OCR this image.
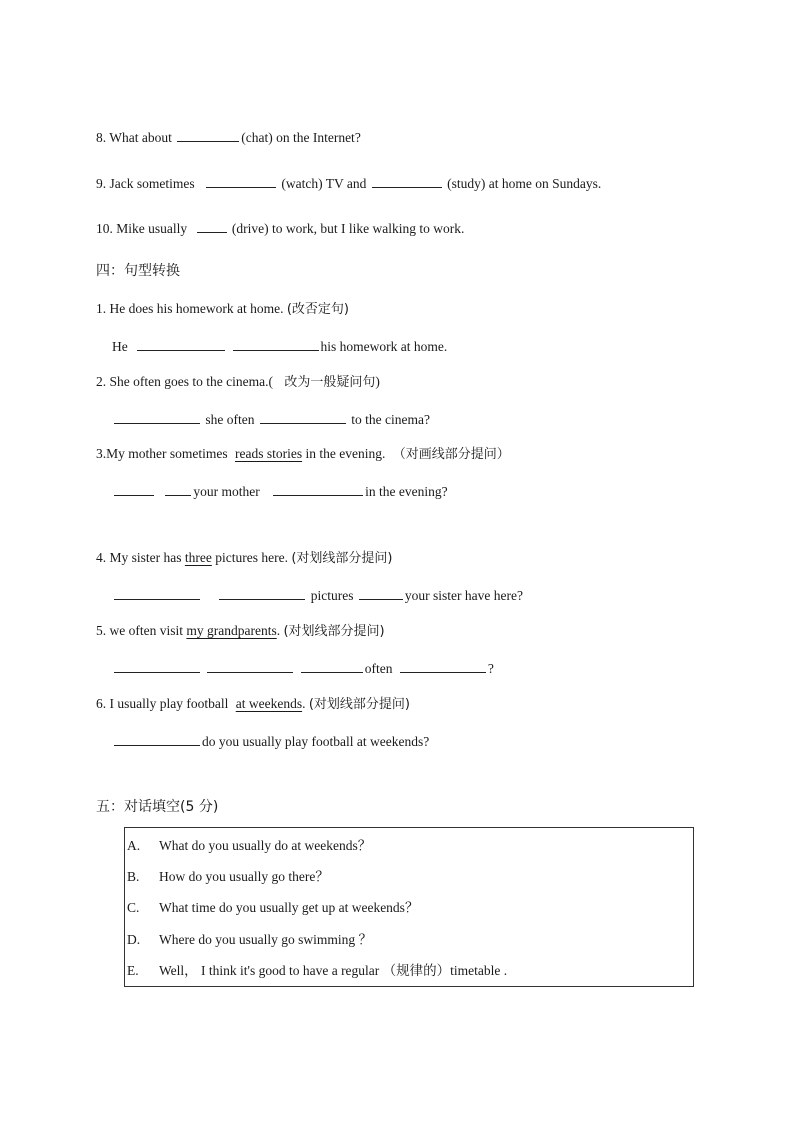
8. What about	(chat) on the Internet?
9. Jack sometimes	(watch) TV and	(study) at home on Sundays.
10. Mike usually	(drive) to work, but I like walking to work.
四：句型转换
1. He does his homework at home. (改否定句)
He	his homework at home.
2. She often goes to the cinema.( 改为一般疑问句)
she often	to the cinema?
3.My mother sometimes reads stories in the evening. （对画线部分提问）
your mother	in the evening?
4. My sister has three pictures here. (对划线部分提问)
pictures	your sister have here?
5. we often visit my grandparents. (对划线部分提问)
often	?
6. I usually play football at weekends. (对划线部分提问)
do you usually play football at weekends?
五：对话填空(5 分)
A. What do you usually do at weekends？
B. How do you usually go there？
C. What time do you usually get up at weekends？
D. Where do you usually go swimming ？
E. Well， I think it's good to have a regular （规律的）timetable .
